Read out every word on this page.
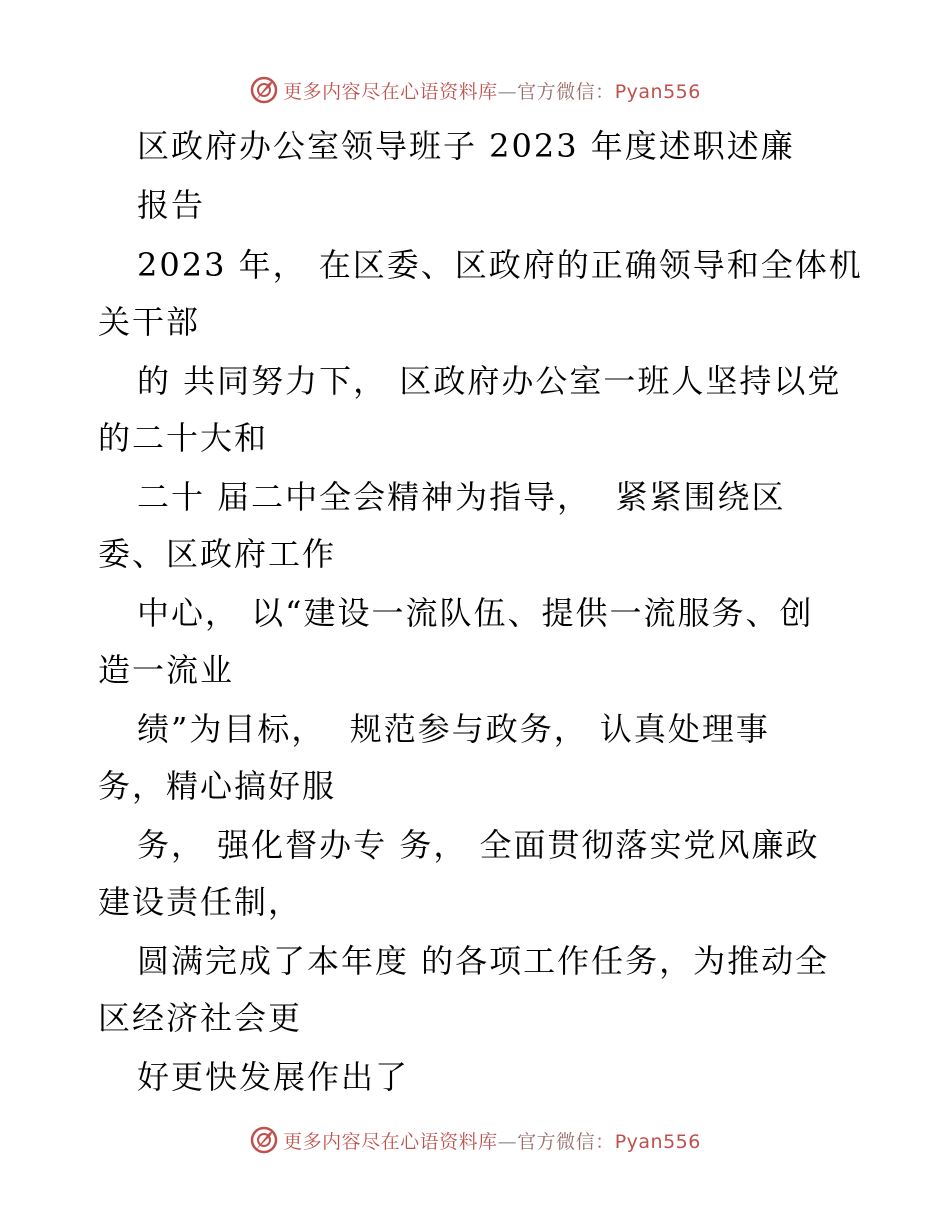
更多内容尽在心语资料库—官方微信：Pyan556
区政府办公室领导班子 2023 年度述职述廉
报告
2023 年， 在区委、区政府的正确领导和全体机
关干部
的 共同努力下， 区政府办公室一班人坚持以党
的二十大和
二十 届二中全会精神为指导，  紧紧围绕区
委、区政府工作
中心， 以“建设一流队伍、提供一流服务、创
造一流业
绩”为目标，  规范参与政务， 认真处理事
务，精心搞好服
务， 强化督办专 务， 全面贯彻落实党风廉政
建设责任制，
圆满完成了本年度 的各项工作任务，为推动全
区经济社会更
好更快发展作出了
更多内容尽在心语资料库—官方微信：Pyan556
